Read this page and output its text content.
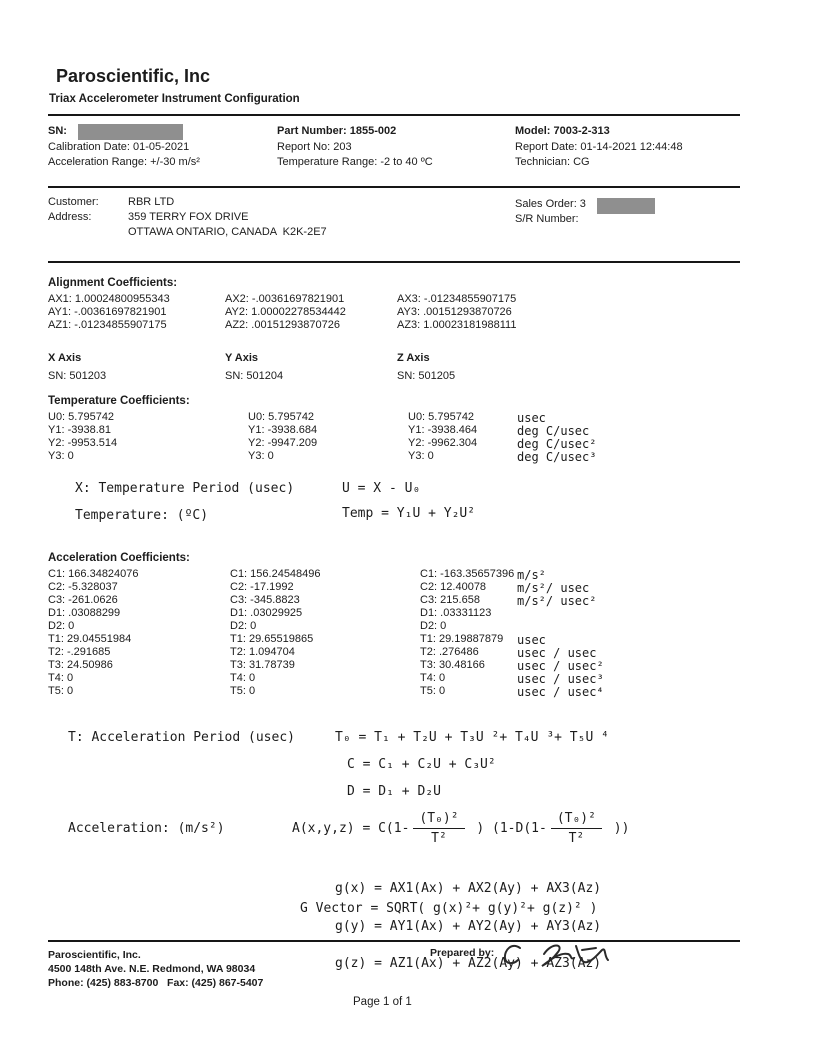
Paroscientific, Inc
Triax Accelerometer Instrument Configuration
SN:
Calibration Date: 01-05-2021
Acceleration Range: +/-30 m/s²
Part Number: 1855-002
Report No: 203
Temperature Range: -2 to 40 ºC
Model: 7003-2-313
Report Date: 01-14-2021 12:44:48
Technician: CG
Customer:	RBR LTD
Address:	359 TERRY FOX DRIVE
OTTAWA ONTARIO, CANADA  K2K-2E7
Sales Order: 3
S/R Number:
Alignment Coefficients:
AX1: 1.00024800955343	AX2: -.00361697821901	AX3: -.01234855907175
AY1: -.00361697821901	AY2: 1.00002278534442	AY3: .00151293870726
AZ1: -.01234855907175	AZ2: .00151293870726	AZ3: 1.00023181988111
X Axis	Y Axis	Z Axis
SN: 501203	SN: 501204	SN: 501205
Temperature Coefficients:
U0: 5.795742	U0: 5.795742	U0: 5.795742	usec
Y1: -3938.81	Y1: -3938.684	Y1: -3938.464	deg C/usec
Y2: -9953.514	Y2: -9947.209	Y2: -9962.304	deg C/usec²
Y3: 0	Y3: 0	Y3: 0	deg C/usec³
X: Temperature Period (usec)	U = X - U₀
Temperature: (ºC)	Temp = Y₁U + Y₂U²
Acceleration Coefficients:
C1: 166.34824076	C1: 156.24548496	C1: -163.35657396 m/s²
C2: -5.328037	C2: -17.1992	C2: 12.40078	m/s²/ usec
C3: -261.0626	C3: -345.8823	C3: 215.658	m/s²/ usec²
D1: .03088299	D1: .03029925	D1: .03331123
D2: 0	D2: 0	D2: 0
T1: 29.04551984	T1: 29.65519865	T1: 29.19887879 usec
T2: -.291685	T2: 1.094704	T2: .276486	usec / usec
T3: 24.50986	T3: 31.78739	T3: 30.48166	usec / usec²
T4: 0	T4: 0	T4: 0	usec / usec³
T5: 0	T5: 0	T5: 0	usec / usec⁴
T: Acceleration Period (usec)	T₀ = T₁ + T₂U + T₃U ²+ T₄U ³+ T₅U ⁴
C = C₁ + C₂U + C₃U²
D = D₁ + D₂U
Acceleration: (m/s²)	$A(x,y,z) = C(1- \frac{\text{(T₀)²}}{\text{T²}}$ ) ($1-D(1- \frac{\text{(T₀)²}}{\text{T²}}$ ))

g(x) = AX1(Ax) + AX2(Ay) + AX3(Az)

g(y) = AY1(Ax) + AY2(Ay) + AY3(Az)

g(z) = AZ1(Ax) + AZ2(Ay) + AZ3(Az)

G Vector = SQRT( g(x)²+ g(y)²+ g(z)² )
Paroscientific, Inc.
4500 148th Ave. N.E. Redmond, WA 98034
Phone: (425) 883-8700   Fax: (425) 867-5407
Prepared by:
Page 1 of 1
